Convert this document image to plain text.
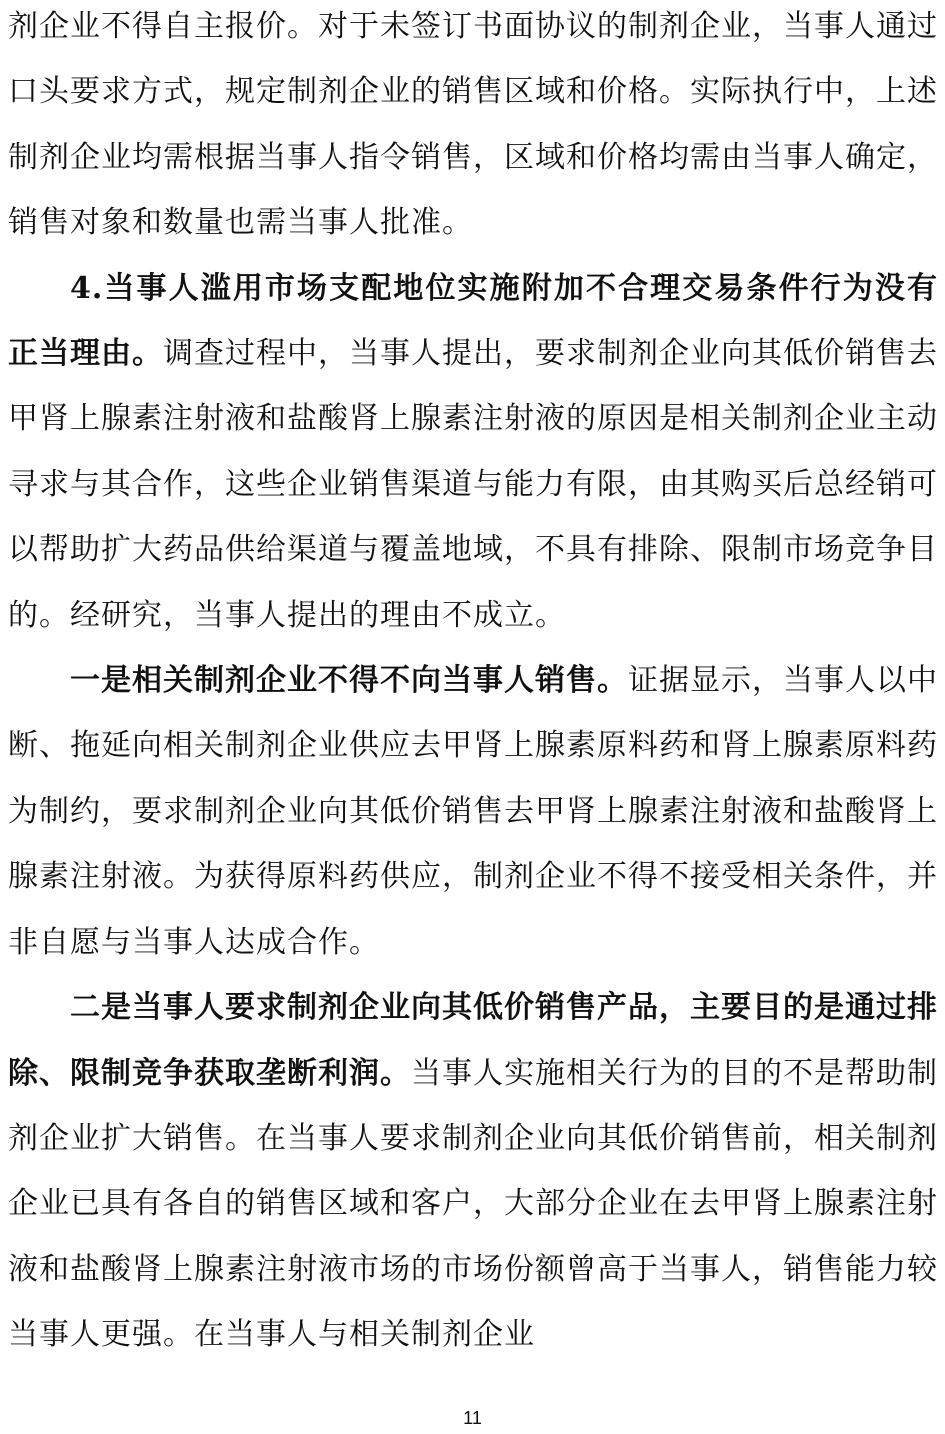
剂企业不得自主报价。对于未签订书面协议的制剂企业，当事人通过口头要求方式，规定制剂企业的销售区域和价格。实际执行中，上述制剂企业均需根据当事人指令销售，区域和价格均需由当事人确定，销售对象和数量也需当事人批准。

4.当事人滥用市场支配地位实施附加不合理交易条件行为没有正当理由。调查过程中，当事人提出，要求制剂企业向其低价销售去甲肾上腺素注射液和盐酸肾上腺素注射液的原因是相关制剂企业主动寻求与其合作，这些企业销售渠道与能力有限，由其购买后总经销可以帮助扩大药品供给渠道与覆盖地域，不具有排除、限制市场竞争目的。经研究，当事人提出的理由不成立。

一是相关制剂企业不得不向当事人销售。证据显示，当事人以中断、拖延向相关制剂企业供应去甲肾上腺素原料药和肾上腺素原料药为制约，要求制剂企业向其低价销售去甲肾上腺素注射液和盐酸肾上腺素注射液。为获得原料药供应，制剂企业不得不接受相关条件，并非自愿与当事人达成合作。

二是当事人要求制剂企业向其低价销售产品，主要目的是通过排除、限制竞争获取垄断利润。当事人实施相关行为的目的不是帮助制剂企业扩大销售。在当事人要求制剂企业向其低价销售前，相关制剂企业已具有各自的销售区域和客户，大部分企业在去甲肾上腺素注射液和盐酸肾上腺素注射液市场的市场份额曾高于当事人，销售能力较当事人更强。在当事人与相关制剂企业

11
